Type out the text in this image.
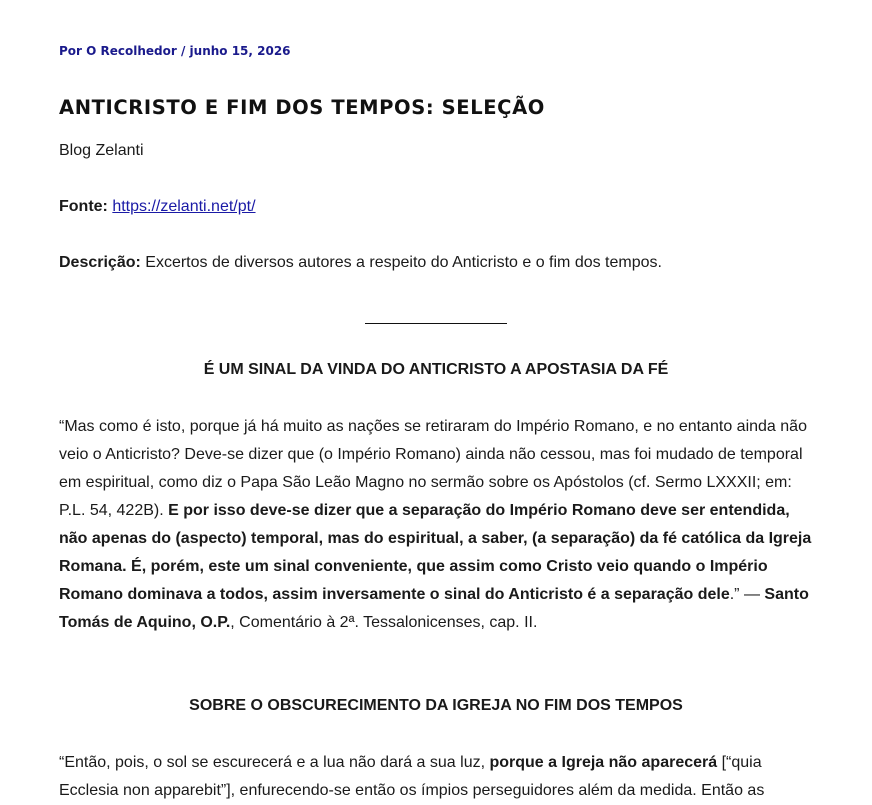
Por O Recolhedor / junho 15, 2026
ANTICRISTO E FIM DOS TEMPOS: SELEÇÃO

Blog Zelanti

Fonte: https://zelanti.net/pt/

Descrição: Excertos de diversos autores a respeito do Anticristo e o fim dos tempos.

É UM SINAL DA VINDA DO ANTICRISTO A APOSTASIA DA FÉ

“Mas como é isto, porque já há muito as nações se retiraram do Império Romano, e no entanto ainda não veio o Anticristo? Deve-se dizer que (o Império Romano) ainda não cessou, mas foi mudado de temporal em espiritual, como diz o Papa São Leão Magno no sermão sobre os Apóstolos (cf. Sermo LXXXII; em: P.L. 54, 422B). E por isso deve-se dizer que a separação do Império Romano deve ser entendida, não apenas do (aspecto) temporal, mas do espiritual, a saber, (a separação) da fé católica da Igreja Romana. É, porém, este um sinal conveniente, que assim como Cristo veio quando o Império Romano dominava a todos, assim inversamente o sinal do Anticristo é a separação dele.” — Santo Tomás de Aquino, O.P., Comentário à 2ª. Tessalonicenses, cap. II.

SOBRE O OBSCURECIMENTO DA IGREJA NO FIM DOS TEMPOS

“Então, pois, o sol se escurecerá e a lua não dará a sua luz, porque a Igreja não aparecerá [“quia Ecclesia non apparebit”], enfurecendo-se então os ímpios perseguidores além da medida. Então as
